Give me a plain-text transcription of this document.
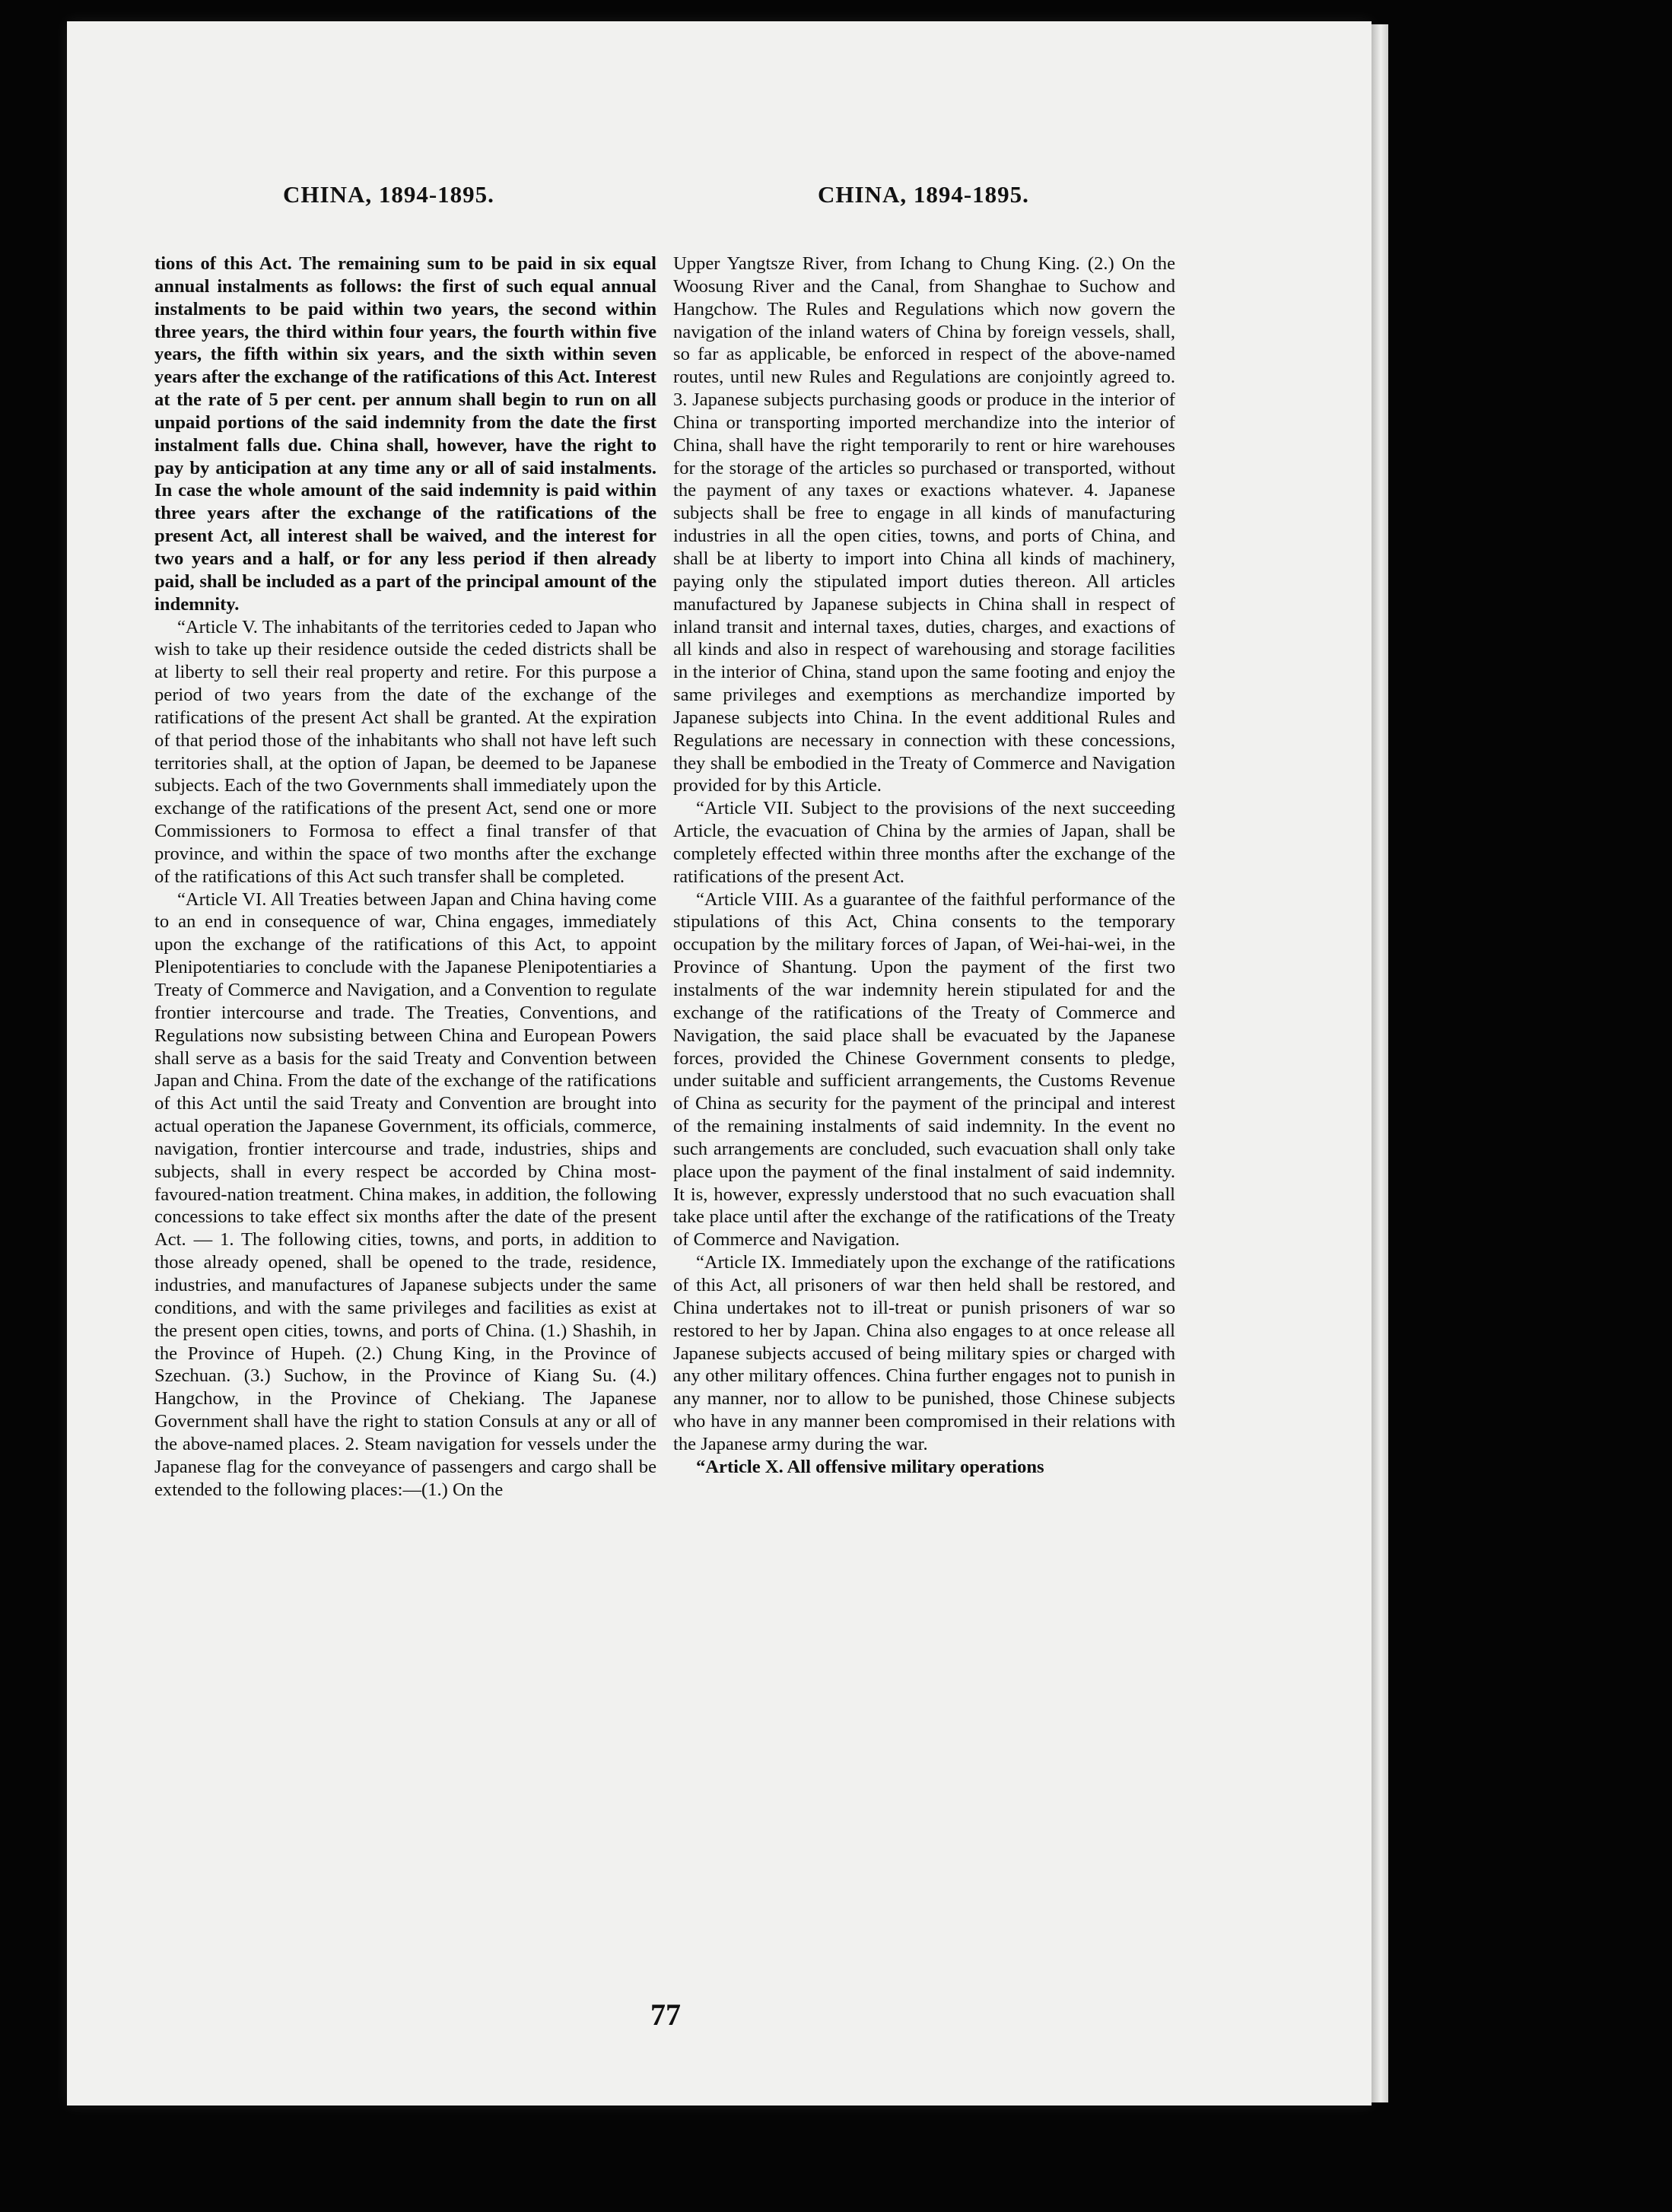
CHINA, 1894-1895.	CHINA, 1894-1895.

tions of this Act. The remaining sum to be paid in six equal annual instalments as follows: the first of such equal annual instalments to be paid within two years, the second within three years, the third within four years, the fourth within five years, the fifth within six years, and the sixth within seven years after the exchange of the ratifications of this Act. Interest at the rate of 5 per cent. per annum shall begin to run on all unpaid portions of the said indemnity from the date the first instalment falls due. China shall, however, have the right to pay by anticipation at any time any or all of said instalments. In case the whole amount of the said indemnity is paid within three years after the exchange of the ratifications of the present Act, all interest shall be waived, and the interest for two years and a half, or for any less period if then already paid, shall be included as a part of the principal amount of the indemnity.

“Article V. The inhabitants of the territories ceded to Japan who wish to take up their residence outside the ceded districts shall be at liberty to sell their real property and retire. For this purpose a period of two years from the date of the exchange of the ratifications of the present Act shall be granted. At the expiration of that period those of the inhabitants who shall not have left such territories shall, at the option of Japan, be deemed to be Japanese subjects. Each of the two Governments shall immediately upon the exchange of the ratifications of the present Act, send one or more Commissioners to Formosa to effect a final transfer of that province, and within the space of two months after the exchange of the ratifications of this Act such transfer shall be completed.

“Article VI. All Treaties between Japan and China having come to an end in consequence of war, China engages, immediately upon the exchange of the ratifications of this Act, to appoint Plenipotentiaries to conclude with the Japanese Plenipotentiaries a Treaty of Commerce and Navigation, and a Convention to regulate frontier intercourse and trade. The Treaties, Conventions, and Regulations now subsisting between China and European Powers shall serve as a basis for the said Treaty and Convention between Japan and China. From the date of the exchange of the ratifications of this Act until the said Treaty and Convention are brought into actual operation the Japanese Government, its officials, commerce, navigation, frontier intercourse and trade, industries, ships and subjects, shall in every respect be accorded by China most-favoured-nation treatment. China makes, in addition, the following concessions to take effect six months after the date of the present Act. — 1. The following cities, towns, and ports, in addition to those already opened, shall be opened to the trade, residence, industries, and manufactures of Japanese subjects under the same conditions, and with the same privileges and facilities as exist at the present open cities, towns, and ports of China. (1.) Shashih, in the Province of Hupeh. (2.) Chung King, in the Province of Szechuan. (3.) Suchow, in the Province of Kiang Su. (4.) Hangchow, in the Province of Chekiang. The Japanese Government shall have the right to station Consuls at any or all of the above-named places. 2. Steam navigation for vessels under the Japanese flag for the conveyance of passengers and cargo shall be extended to the following places:—(1.) On the

Upper Yangtsze River, from Ichang to Chung King. (2.) On the Woosung River and the Canal, from Shanghae to Suchow and Hangchow. The Rules and Regulations which now govern the navigation of the inland waters of China by foreign vessels, shall, so far as applicable, be enforced in respect of the above-named routes, until new Rules and Regulations are conjointly agreed to. 3. Japanese subjects purchasing goods or produce in the interior of China or transporting imported merchandize into the interior of China, shall have the right temporarily to rent or hire warehouses for the storage of the articles so purchased or transported, without the payment of any taxes or exactions whatever. 4. Japanese subjects shall be free to engage in all kinds of manufacturing industries in all the open cities, towns, and ports of China, and shall be at liberty to import into China all kinds of machinery, paying only the stipulated import duties thereon. All articles manufactured by Japanese subjects in China shall in respect of inland transit and internal taxes, duties, charges, and exactions of all kinds and also in respect of warehousing and storage facilities in the interior of China, stand upon the same footing and enjoy the same privileges and exemptions as merchandize imported by Japanese subjects into China. In the event additional Rules and Regulations are necessary in connection with these concessions, they shall be embodied in the Treaty of Commerce and Navigation provided for by this Article.

“Article VII. Subject to the provisions of the next succeeding Article, the evacuation of China by the armies of Japan, shall be completely effected within three months after the exchange of the ratifications of the present Act.

“Article VIII. As a guarantee of the faithful performance of the stipulations of this Act, China consents to the temporary occupation by the military forces of Japan, of Wei-hai-wei, in the Province of Shantung. Upon the payment of the first two instalments of the war indemnity herein stipulated for and the exchange of the ratifications of the Treaty of Commerce and Navigation, the said place shall be evacuated by the Japanese forces, provided the Chinese Government consents to pledge, under suitable and sufficient arrangements, the Customs Revenue of China as security for the payment of the principal and interest of the remaining instalments of said indemnity. In the event no such arrangements are concluded, such evacuation shall only take place upon the payment of the final instalment of said indemnity. It is, however, expressly understood that no such evacuation shall take place until after the exchange of the ratifications of the Treaty of Commerce and Navigation.

“Article IX. Immediately upon the exchange of the ratifications of this Act, all prisoners of war then held shall be restored, and China undertakes not to ill-treat or punish prisoners of war so restored to her by Japan. China also engages to at once release all Japanese subjects accused of being military spies or charged with any other military offences. China further engages not to punish in any manner, nor to allow to be punished, those Chinese subjects who have in any manner been compromised in their relations with the Japanese army during the war.

“Article X. All offensive military operations

77
